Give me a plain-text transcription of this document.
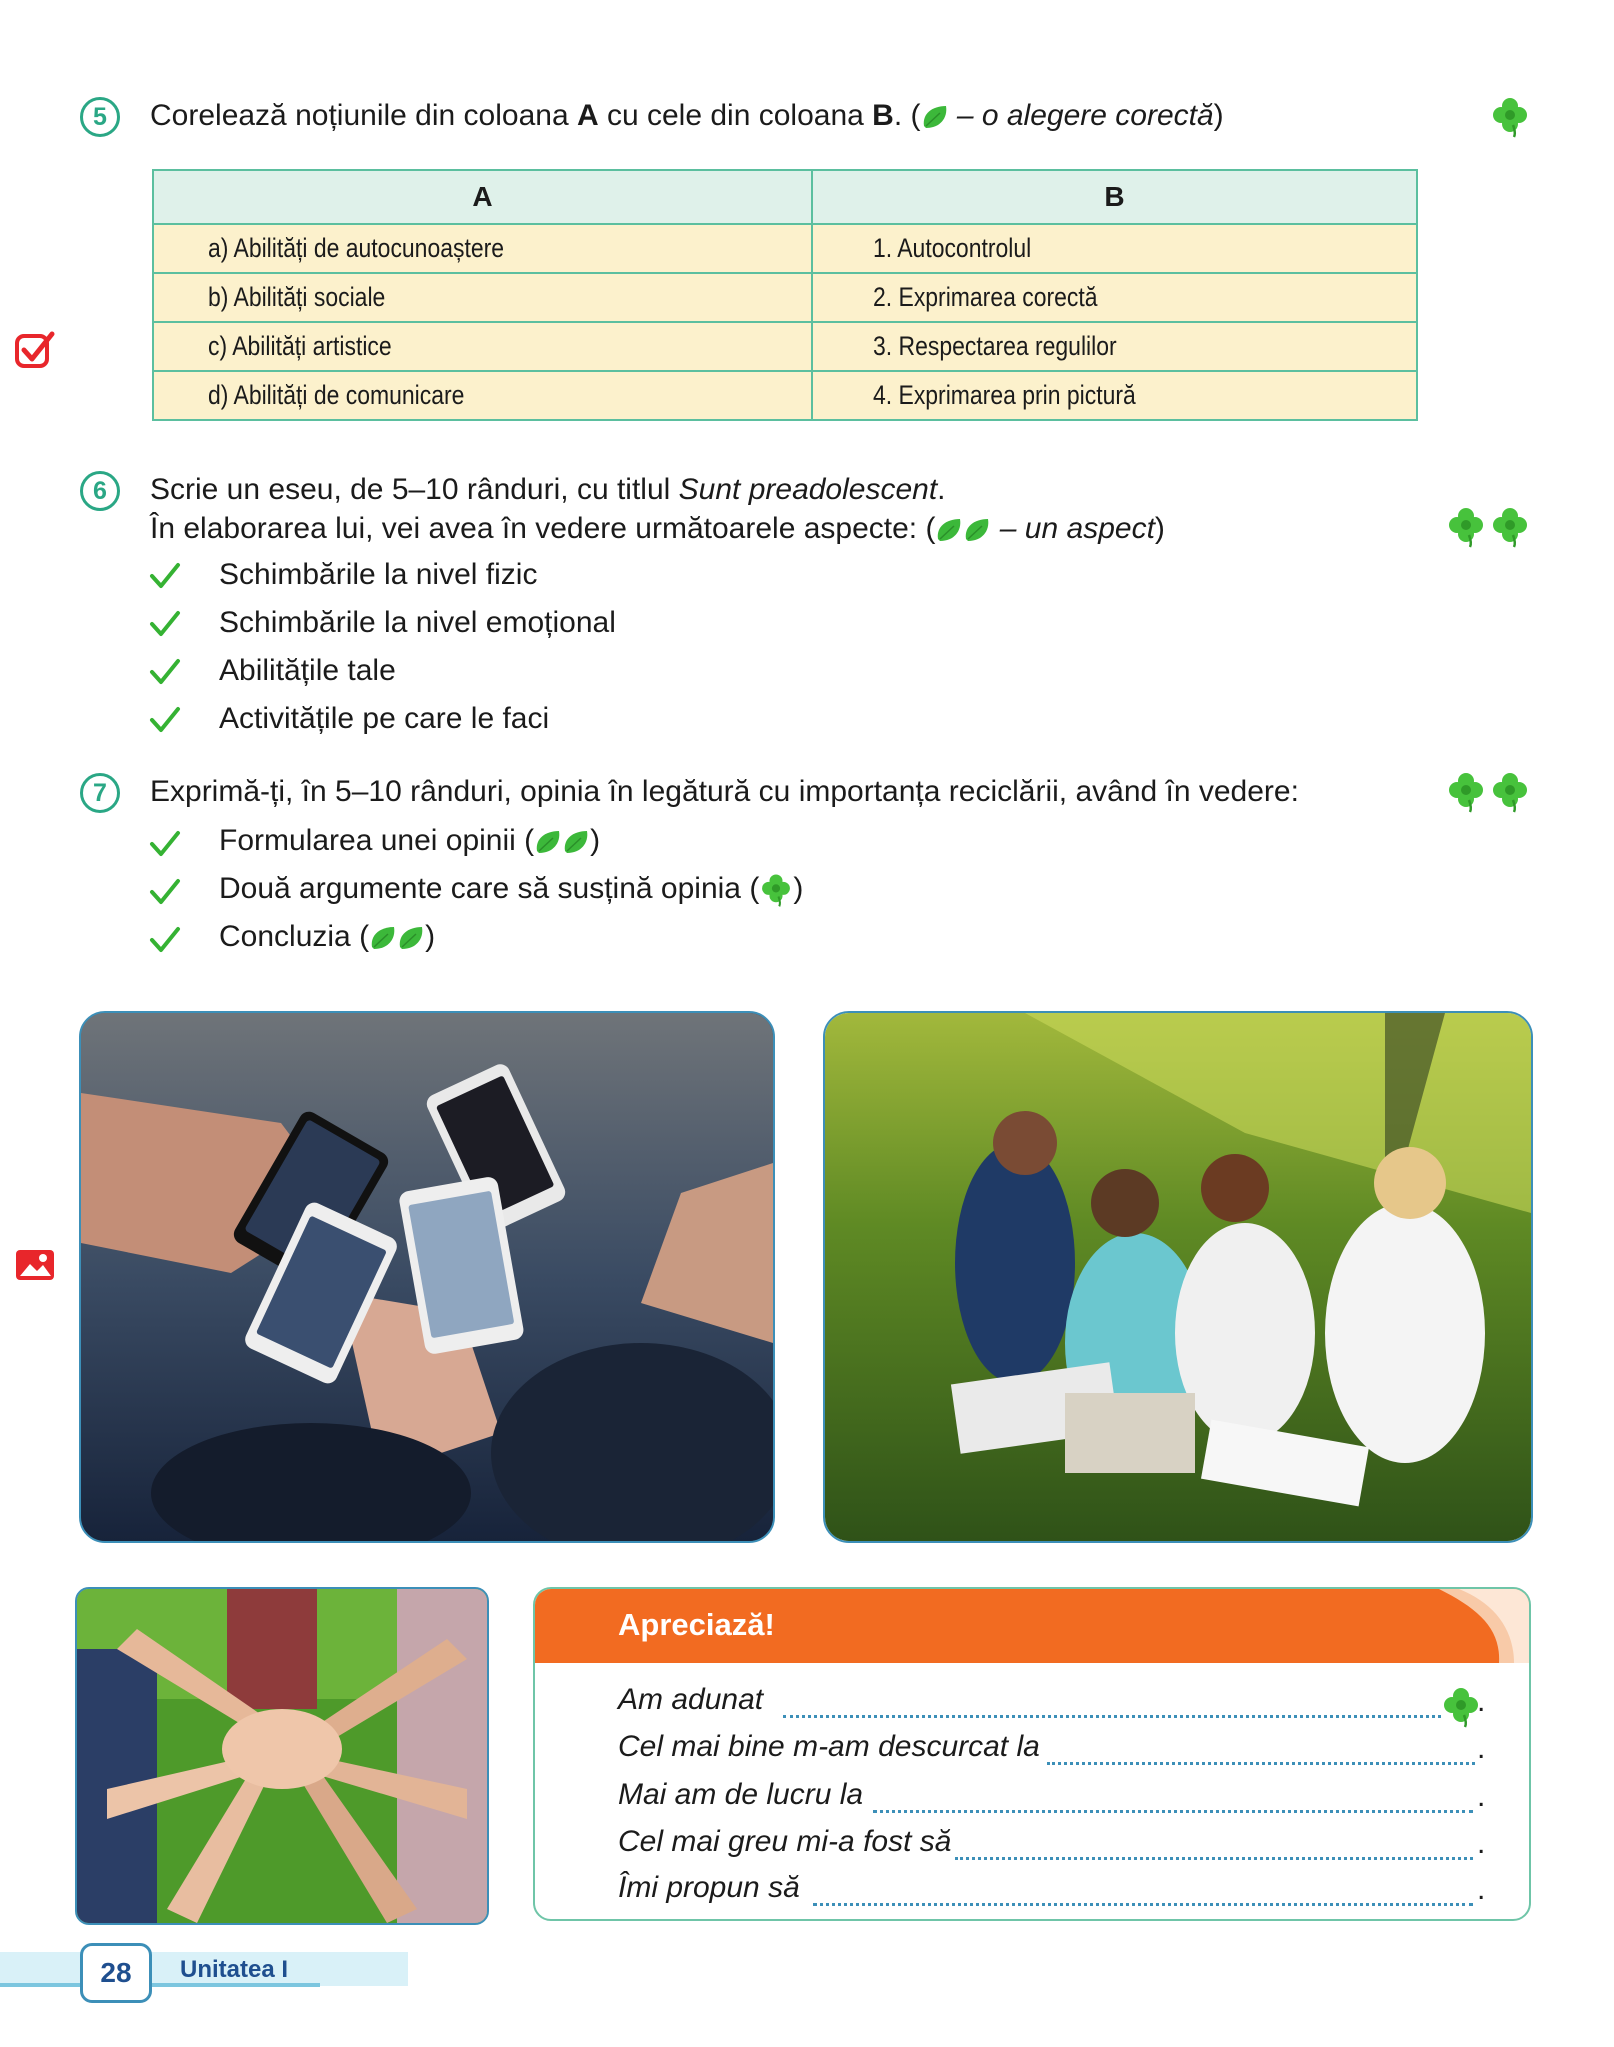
5	Corelează noțiunile din coloana A cu cele din coloana B. ( – o alegere corectă)
A	B
a) Abilități de autocunoaștere	1. Autocontrolul
b) Abilități sociale	2. Exprimarea corectă
c) Abilități artistice	3. Respectarea regulilor
d) Abilități de comunicare	4. Exprimarea prin pictură
6	Scrie un eseu, de 5–10 rânduri, cu titlul Sunt preadolescent.
În elaborarea lui, vei avea în vedere următoarele aspecte: ( – un aspect)
Schimbările la nivel fizic
Schimbările la nivel emoțional
Abilitățile tale
Activitățile pe care le faci
7	Exprimă-ți, în 5–10 rânduri, opinia în legătură cu importanța reciclării, având în vedere:
Formularea unei opinii ( )
Două argumente care să susțină opinia ( )
Concluzia ( )
Apreciază!
Am adunat	.
Cel mai bine m-am descurcat la	.
Mai am de lucru la	.
Cel mai greu mi-a fost să	.
Îmi propun să	.
28	Unitatea I
